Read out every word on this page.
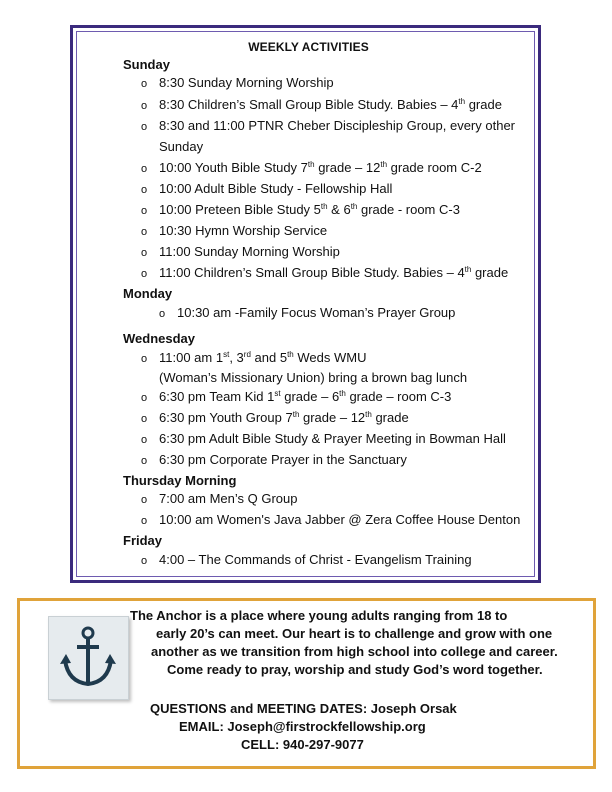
WEEKLY ACTIVITIES
Sunday
o 8:30 Sunday Morning Worship
o 8:30 Children’s Small Group Bible Study. Babies – 4th grade
o 8:30 and 11:00 PTNR Cheber Discipleship Group, every other
Sunday
o 10:00 Youth Bible Study 7th grade – 12th grade room C-2
o 10:00 Adult Bible Study - Fellowship Hall
o 10:00 Preteen Bible Study 5th & 6th grade - room C-3
o 10:30 Hymn Worship Service
o 11:00 Sunday Morning Worship
o 11:00 Children’s Small Group Bible Study. Babies – 4th grade
Monday
o 10:30 am -Family Focus Woman’s Prayer Group
Wednesday
o 11:00 am 1st, 3rd and 5th Weds WMU
(Woman’s Missionary Union) bring a brown bag lunch
o 6:30 pm Team Kid 1st grade – 6th grade – room C-3
o 6:30 pm Youth Group 7th grade – 12th grade
o 6:30 pm Adult Bible Study & Prayer Meeting in Bowman Hall
o 6:30 pm Corporate Prayer in the Sanctuary
Thursday Morning
o 7:00 am Men’s Q Group
o 10:00 am Women's Java Jabber @ Zera Coffee House Denton
Friday
o 4:00 – The Commands of Christ - Evangelism Training
The Anchor is a place where young adults ranging from 18 to
early 20’s can meet. Our heart is to challenge and grow with one
another as we transition from high school into college and career.
Come ready to pray, worship and study God’s word together.
QUESTIONS and MEETING DATES: Joseph Orsak
EMAIL: Joseph@firstrockfellowship.org
CELL: 940-297-9077
